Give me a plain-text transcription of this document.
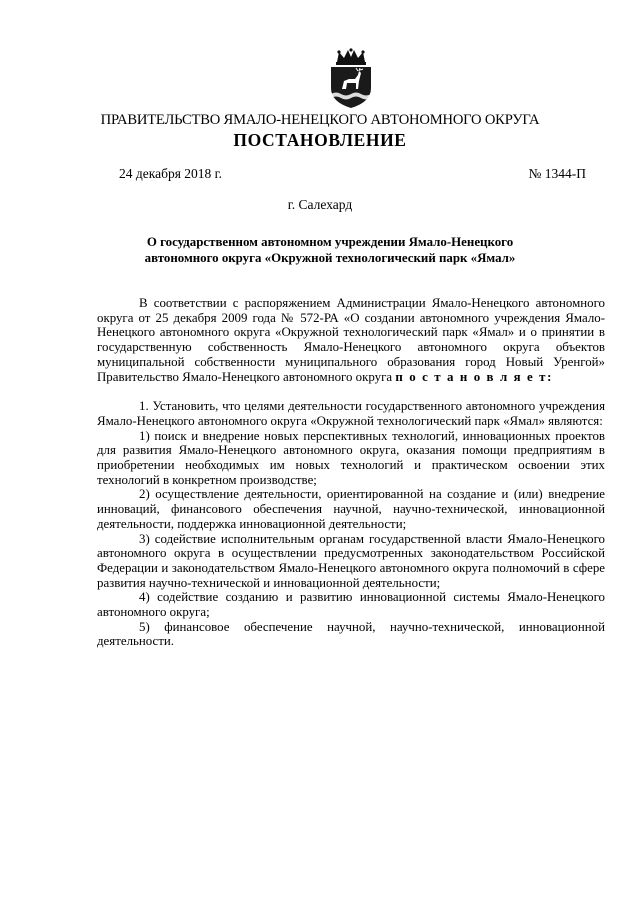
ПРАВИТЕЛЬСТВО ЯМАЛО-НЕНЕЦКОГО АВТОНОМНОГО ОКРУГА
ПОСТАНОВЛЕНИЕ
24 декабря 2018 г.	№ 1344-П
г. Салехард
О государственном автономном учреждении Ямало-Ненецкого
автономного округа «Окружной технологический парк «Ямал»

В соответствии с распоряжением Администрации Ямало-Ненецкого автономного округа от 25 декабря 2009 года № 572-РА «О создании автономного учреждения Ямало-Ненецкого автономного округа «Окружной технологический парк «Ямал» и о принятии в государственную собственность Ямало-Ненецкого автономного округа объектов муниципальной собственности муниципального образования город Новый Уренгой» Правительство Ямало-Ненецкого автономного округа п о с т а н о в л я е т:

1. Установить, что целями деятельности государственного автономного учреждения Ямало-Ненецкого автономного округа «Окружной технологический парк «Ямал» являются:

1) поиск и внедрение новых перспективных технологий, инновационных проектов для развития Ямало-Ненецкого автономного округа, оказания помощи предприятиям в приобретении необходимых им новых технологий и практическом освоении этих технологий в конкретном производстве;

2) осуществление деятельности, ориентированной на создание и (или) внедрение инноваций, финансового обеспечения научной, научно-технической, инновационной деятельности, поддержка инновационной деятельности;

3) содействие исполнительным органам государственной власти Ямало-Ненецкого автономного округа в осуществлении предусмотренных законодательством Российской Федерации и законодательством Ямало-Ненецкого автономного округа полномочий в сфере развития научно-технической и инновационной деятельности;

4) содействие созданию и развитию инновационной системы Ямало-Ненецкого автономного округа;

5) финансовое обеспечение научной, научно-технической, инновационной деятельности.
